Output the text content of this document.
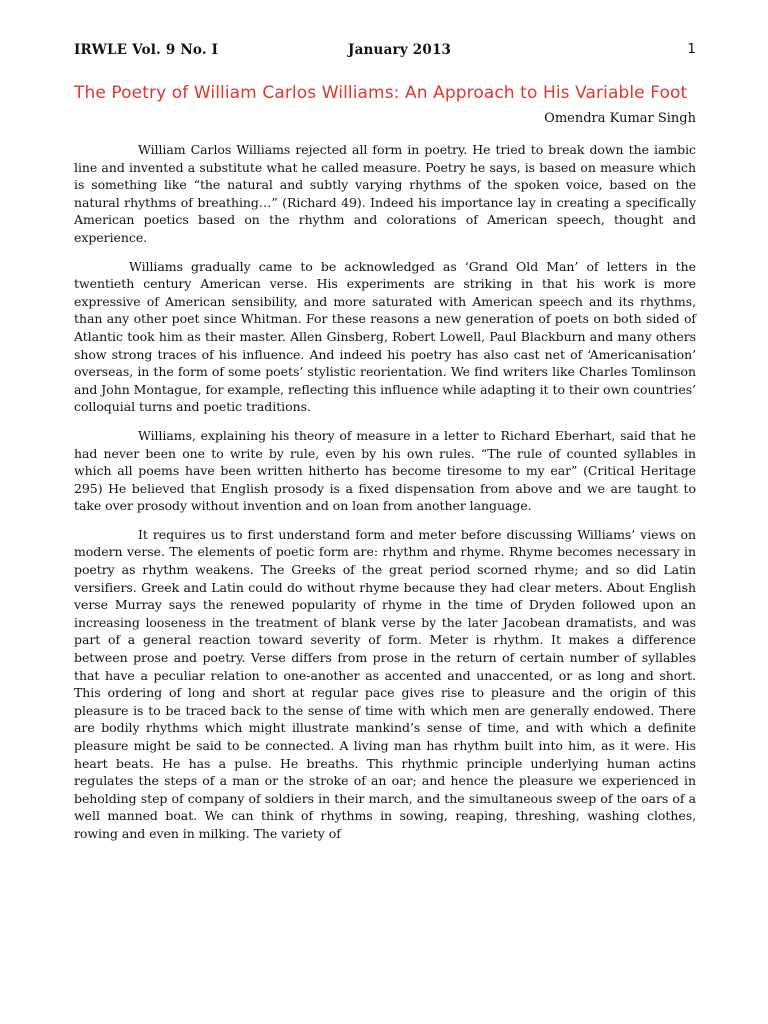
IRWLE Vol. 9 No. I	January 2013	1
The Poetry of William Carlos Williams: An Approach to His Variable Foot
Omendra Kumar Singh

William Carlos Williams rejected all form in poetry. He tried to break down the iambic line and invented a substitute what he called measure. Poetry he says, is based on measure which is something like “the natural and subtly varying rhythms of the spoken voice, based on the natural rhythms of breathing…” (Richard 49). Indeed his importance lay in creating a specifically American poetics based on the rhythm and colorations of American speech, thought and experience.

Williams gradually came to be acknowledged as ‘Grand Old Man’ of letters in the twentieth century American verse. His experiments are striking in that his work is more expressive of American sensibility, and more saturated with American speech and its rhythms, than any other poet since Whitman. For these reasons a new generation of poets on both sided of Atlantic took him as their master. Allen Ginsberg, Robert Lowell, Paul Blackburn and many others show strong traces of his influence. And indeed his poetry has also cast net of ‘Americanisation’ overseas, in the form of some poets’ stylistic reorientation. We find writers like Charles Tomlinson and John Montague, for example, reflecting this influence while adapting it to their own countries’ colloquial turns and poetic traditions.

Williams, explaining his theory of measure in a letter to Richard Eberhart, said that he had never been one to write by rule, even by his own rules. “The rule of counted syllables in which all poems have been written hitherto has become tiresome to my ear” (Critical Heritage 295) He believed that English prosody is a fixed dispensation from above and we are taught to take over prosody without invention and on loan from another language.

It requires us to first understand form and meter before discussing Williams’ views on modern verse. The elements of poetic form are: rhythm and rhyme. Rhyme becomes necessary in poetry as rhythm weakens. The Greeks of the great period scorned rhyme; and so did Latin versifiers. Greek and Latin could do without rhyme because they had clear meters. About English verse Murray says the renewed popularity of rhyme in the time of Dryden followed upon an increasing looseness in the treatment of blank verse by the later Jacobean dramatists, and was part of a general reaction toward severity of form. Meter is rhythm. It makes a difference between prose and poetry. Verse differs from prose in the return of certain number of syllables that have a peculiar relation to one-another as accented and unaccented, or as long and short. This ordering of long and short at regular pace gives rise to pleasure and the origin of this pleasure is to be traced back to the sense of time with which men are generally endowed. There are bodily rhythms which might illustrate mankind’s sense of time, and with which a definite pleasure might be said to be connected. A living man has rhythm built into him, as it were. His heart beats. He has a pulse. He breaths. This rhythmic principle underlying human actins regulates the steps of a man or the stroke of an oar; and hence the pleasure we experienced in beholding step of company of soldiers in their march, and the simultaneous sweep of the oars of a well manned boat. We can think of rhythms in sowing, reaping, threshing, washing clothes, rowing and even in milking. The variety of
